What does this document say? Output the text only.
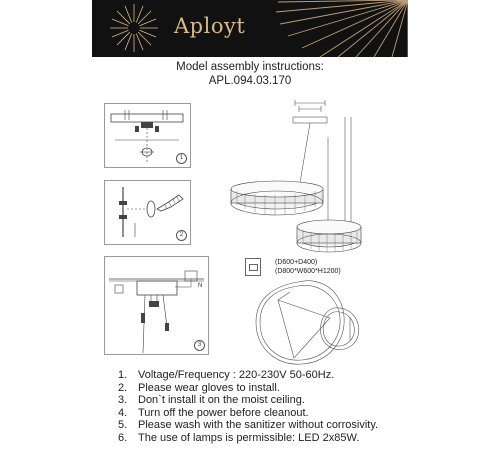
Aployt
Model assembly instructions:
APL.094.03.170
1
2
N
3
(D600+D400)
(D800*W600*H1200)
1. Voltage/Frequency : 220-230V 50-60Hz.
2. Please wear gloves to install.
3. Don`t install it on the moist ceiling.
4. Turn off the power before cleanout.
5. Please wash with the sanitizer without corrosivity.
6. The use of lamps is permissible: LED 2x85W.
